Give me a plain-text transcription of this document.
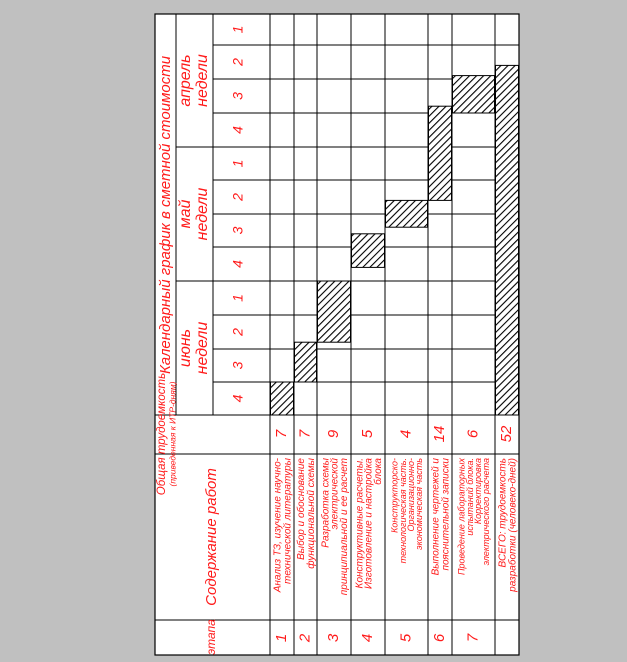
Календарный график в сметной стоимости апрель недели
1
2
3
4
май недели
1
2
3
4
июнь недели
1
2
3
4
Общая трудоемкость (приведенная к ИТР-дням)
Содержание работ
этапа	1
7
Анализ ТЗ, изучение научно- технической литературы
2
7
Выбор и обоснование функциональной схемы
3
9
Разработка схемы
электрической
принципиальной и ее расчет
4
5
Конструктивные расчеты.
Изготовление и настройка
блока
5
4
Конструкторско-
технологическая часть.
Организационно-
экономическая часть
6
14
Выполнение чертежей и пояснительной записки
7
6
Проведение лабораторных
испытаний блока.
Корректировка
электрического расчета
52
ВСЕГО: трудоемкость разработки (человеко-дней)
